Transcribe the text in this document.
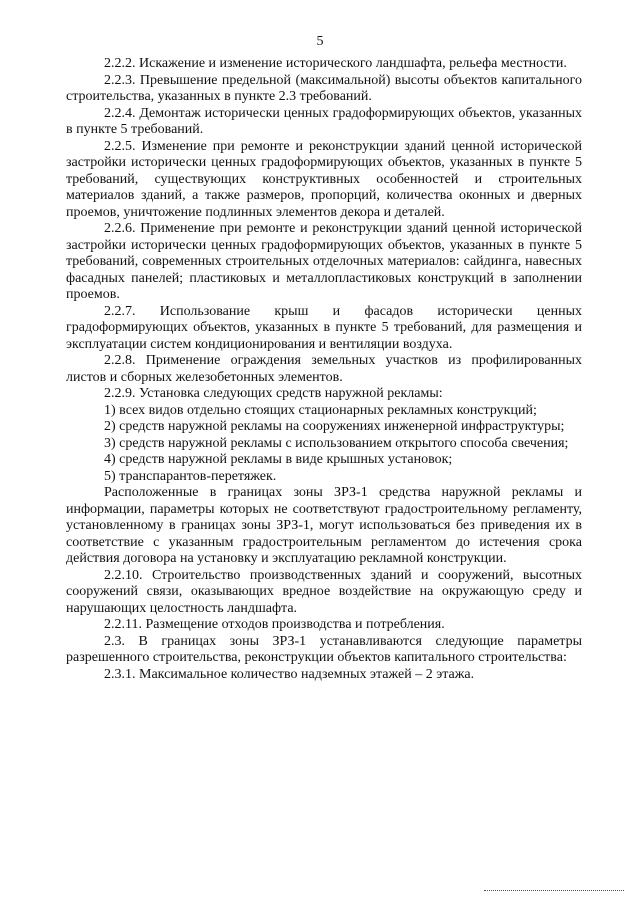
5

2.2.2. Искажение и изменение исторического ландшафта, рельефа местности.

2.2.3. Превышение предельной (максимальной) высоты объектов капитального строительства, указанных в пункте 2.3 требований.

2.2.4. Демонтаж исторически ценных градоформирующих объектов, указанных в пункте 5 требований.

2.2.5. Изменение при ремонте и реконструкции зданий ценной исторической застройки исторически ценных градоформирующих объектов, указанных в пункте 5 требований, существующих конструктивных особенностей и строительных материалов зданий, а также размеров, пропорций, количества оконных и дверных проемов, уничтожение подлинных элементов декора и деталей.

2.2.6. Применение при ремонте и реконструкции зданий ценной исторической застройки исторически ценных градоформирующих объектов, указанных в пункте 5 требований, современных строительных отделочных материалов: сайдинга, навесных фасадных панелей; пластиковых и металлопластиковых конструкций в заполнении проемов.

2.2.7. Использование крыш и фасадов исторически ценных градоформирующих объектов, указанных в пункте 5 требований, для размещения и эксплуатации систем кондиционирования и вентиляции воздуха.

2.2.8. Применение ограждения земельных участков из профилированных листов и сборных железобетонных элементов.

2.2.9. Установка следующих средств наружной рекламы:

1) всех видов отдельно стоящих стационарных рекламных конструкций;

2) средств наружной рекламы на сооружениях инженерной инфраструктуры;

3) средств наружной рекламы с использованием открытого способа свечения;

4) средств наружной рекламы в виде крышных установок;

5) транспарантов-перетяжек.

Расположенные в границах зоны ЗРЗ-1 средства наружной рекламы и информации, параметры которых не соответствуют градостроительному регламенту, установленному в границах зоны ЗРЗ-1, могут использоваться без приведения их в соответствие с указанным градостроительным регламентом до истечения срока действия договора на установку и эксплуатацию рекламной конструкции.

2.2.10. Строительство производственных зданий и сооружений, высотных сооружений связи, оказывающих вредное воздействие на окружающую среду и нарушающих целостность ландшафта.

2.2.11. Размещение отходов производства и потребления.

2.3. В границах зоны ЗРЗ-1 устанавливаются следующие параметры разрешенного строительства, реконструкции объектов капитального строительства:

2.3.1. Максимальное количество надземных этажей – 2 этажа.
